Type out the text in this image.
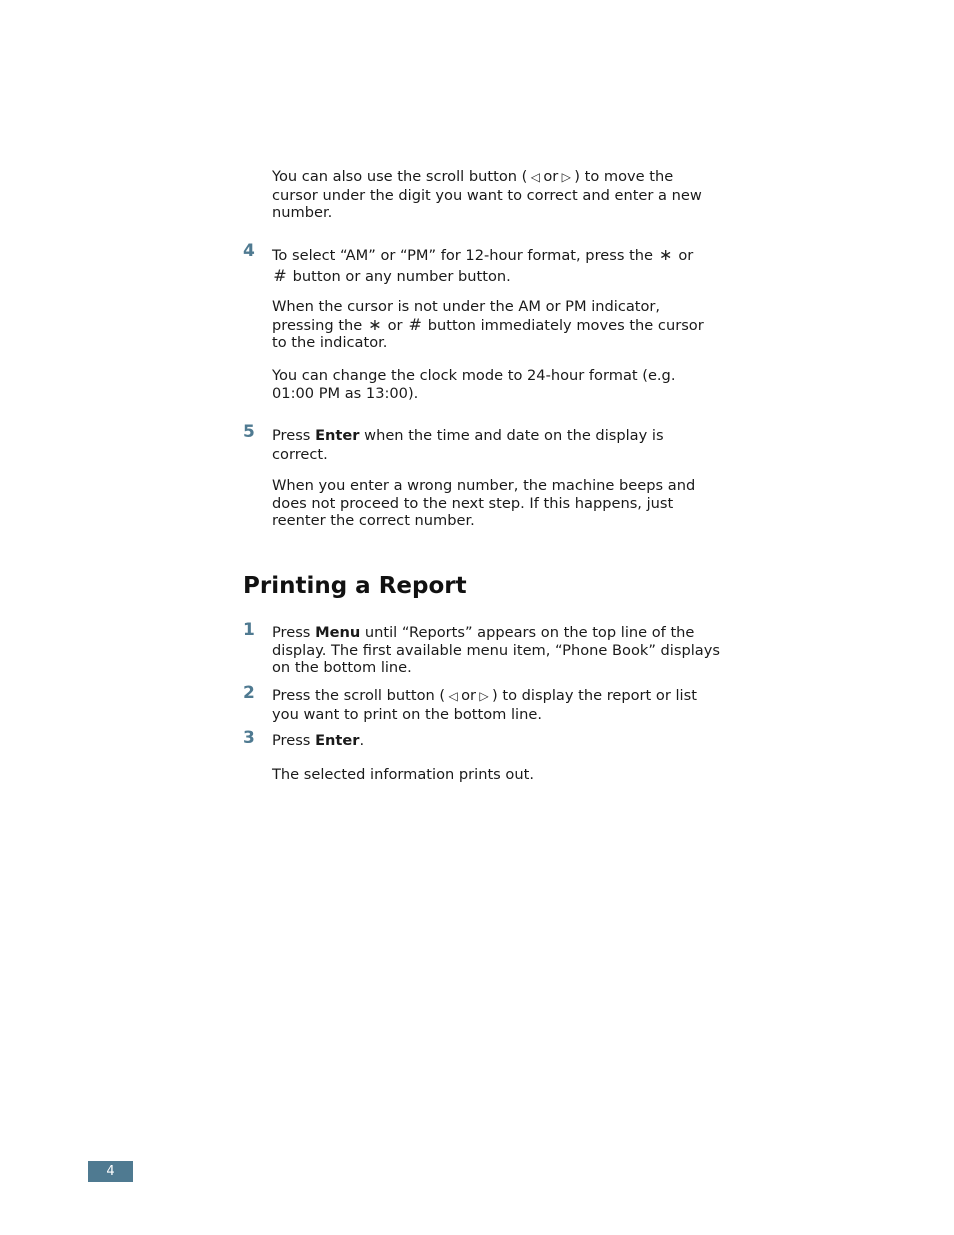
You can also use the scroll button ( ◁ or ▷ ) to move the cursor under the digit you want to correct and enter a new number.

4 To select “AM” or “PM” for 12-hour format, press the ∗ or
# button or any number button.

When the cursor is not under the AM or PM indicator, pressing the ∗ or # button immediately moves the cursor to the indicator.

You can change the clock mode to 24-hour format (e.g. 01:00 PM as 13:00).

5 Press Enter when the time and date on the display is correct.

When you enter a wrong number, the machine beeps and does not proceed to the next step. If this happens, just reenter the correct number.

Printing a Report
1 Press Menu until “Reports” appears on the top line of the display. The first available menu item, “Phone Book” displays on the bottom line.

2 Press the scroll button ( ◁ or ▷ ) to display the report or list you want to print on the bottom line.

3 Press Enter.

The selected information prints out.

4
